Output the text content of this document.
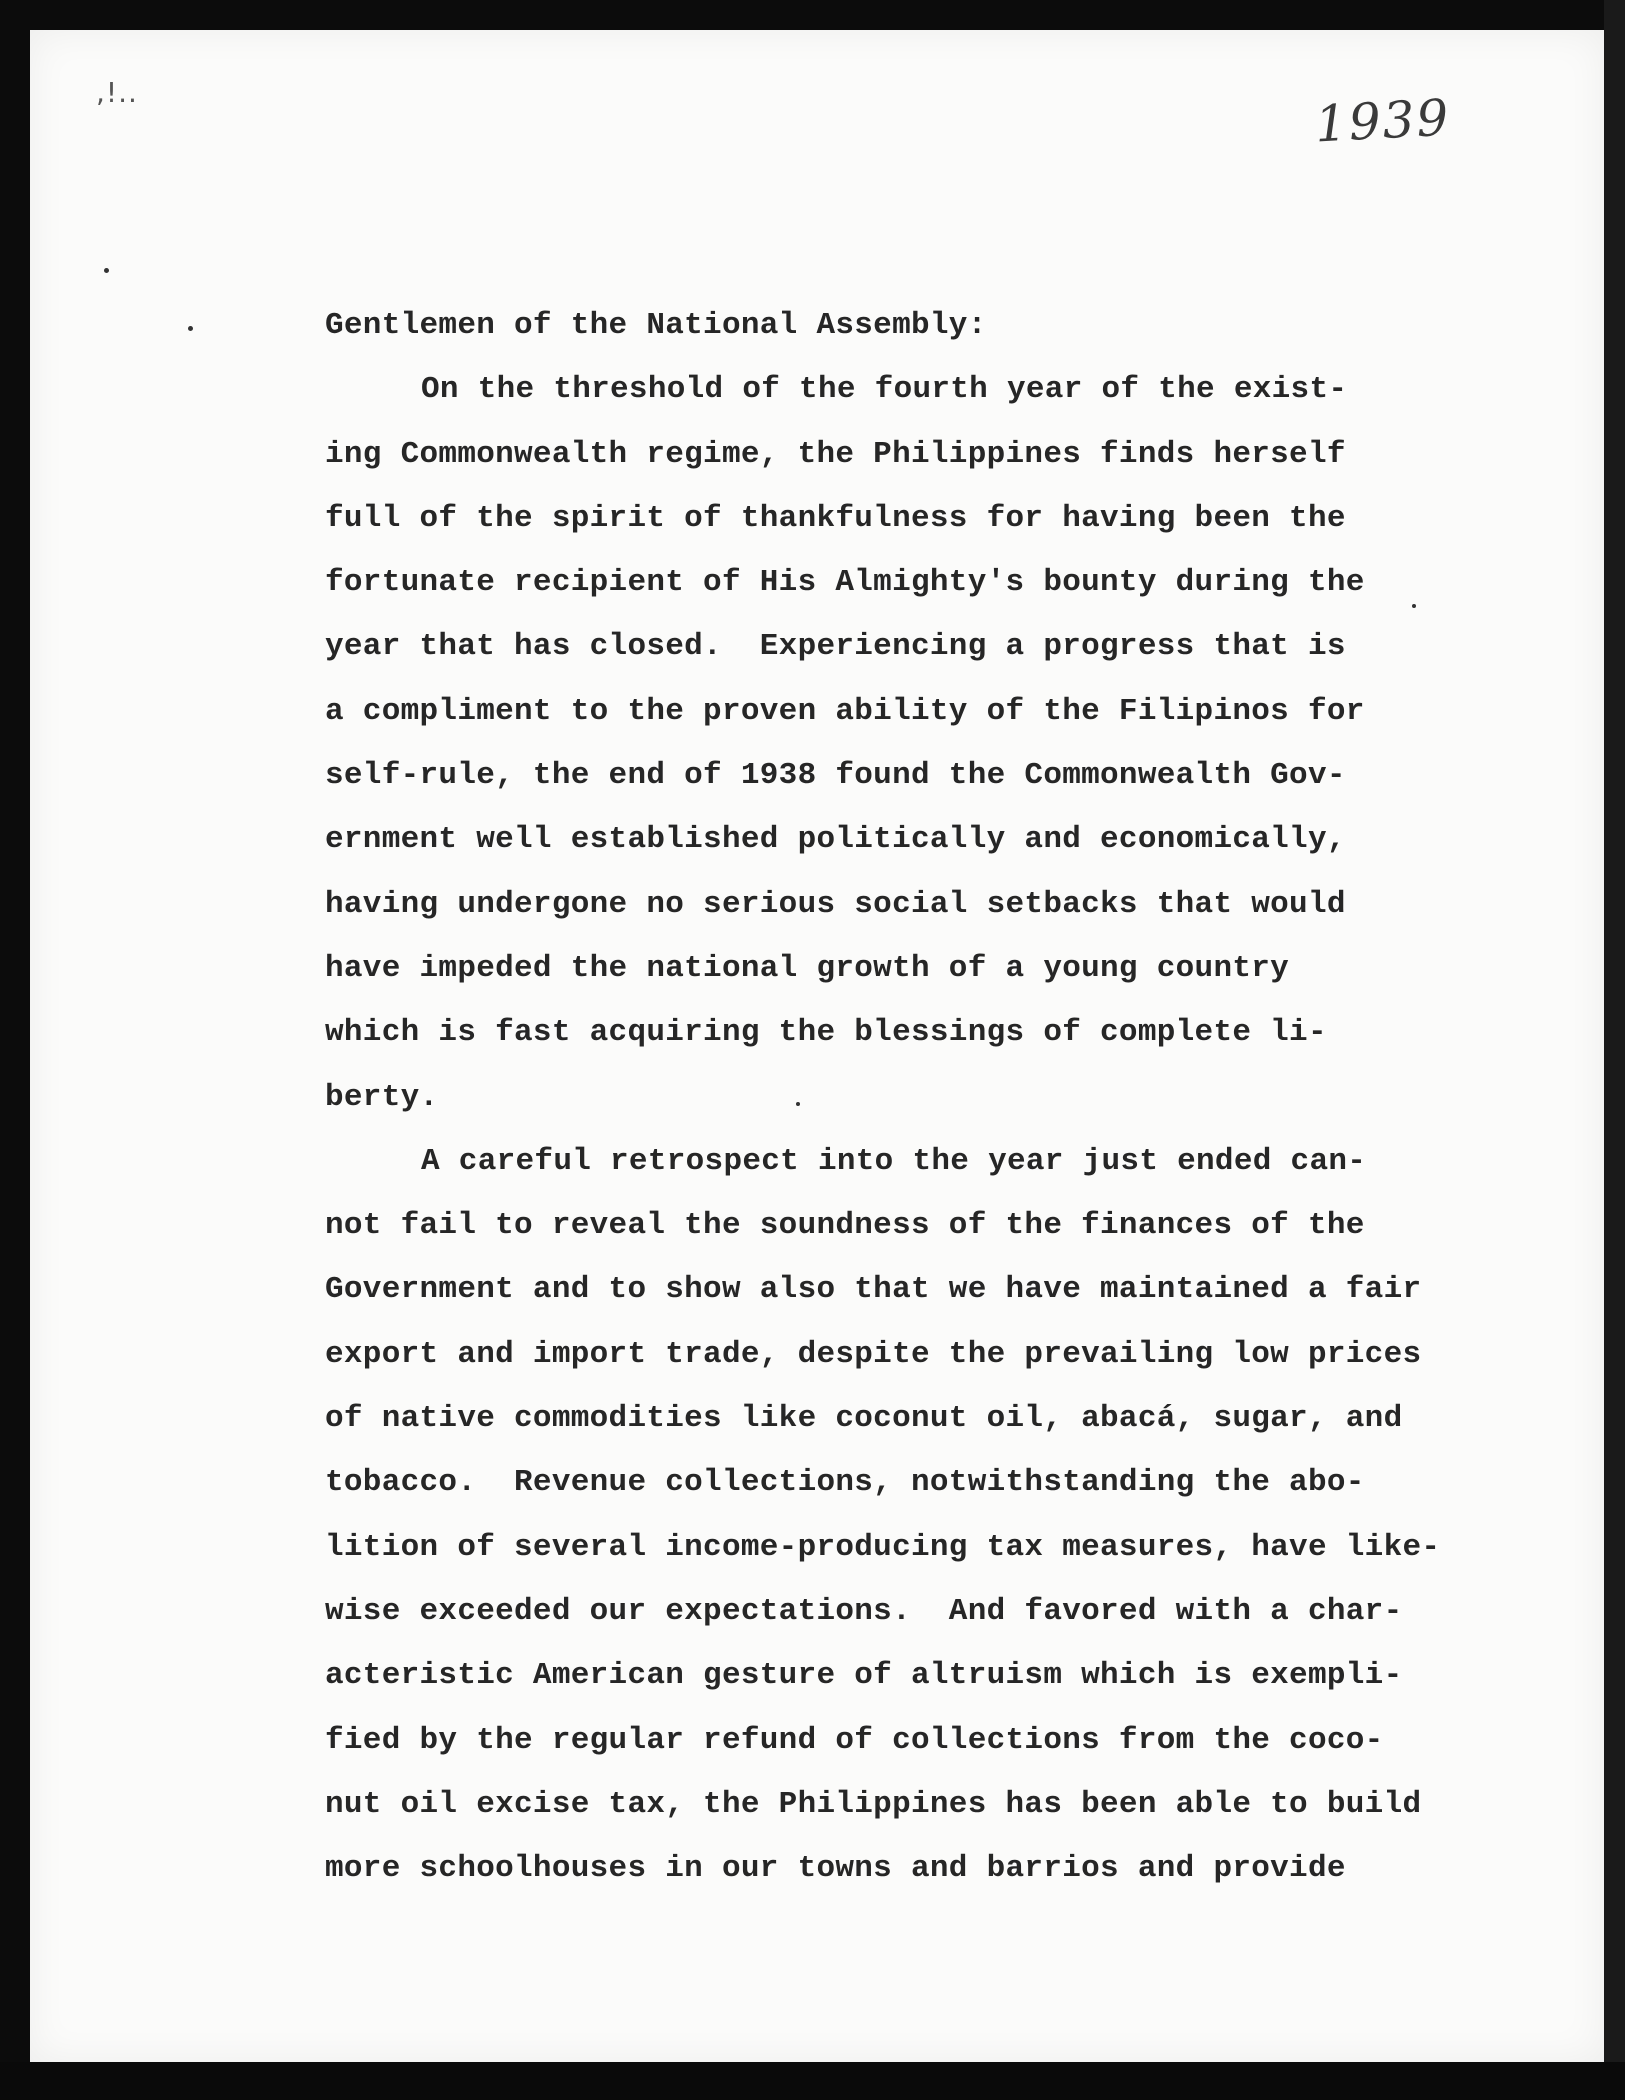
,!..	1939
Gentlemen of the National Assembly:
On the threshold of the fourth year of the exist-
ing Commonwealth regime, the Philippines finds herself
full of the spirit of thankfulness for having been the
fortunate recipient of His Almighty's bounty during the
year that has closed.  Experiencing a progress that is
a compliment to the proven ability of the Filipinos for
self-rule, the end of 1938 found the Commonwealth Gov-
ernment well established politically and economically,
having undergone no serious social setbacks that would
have impeded the national growth of a young country
which is fast acquiring the blessings of complete li-
berty.
A careful retrospect into the year just ended can-
not fail to reveal the soundness of the finances of the
Government and to show also that we have maintained a fair
export and import trade, despite the prevailing low prices
of native commodities like coconut oil, abacá, sugar, and
tobacco.  Revenue collections, notwithstanding the abo-
lition of several income-producing tax measures, have like-
wise exceeded our expectations.  And favored with a char-
acteristic American gesture of altruism which is exempli-
fied by the regular refund of collections from the coco-
nut oil excise tax, the Philippines has been able to build
more schoolhouses in our towns and barrios and provide
